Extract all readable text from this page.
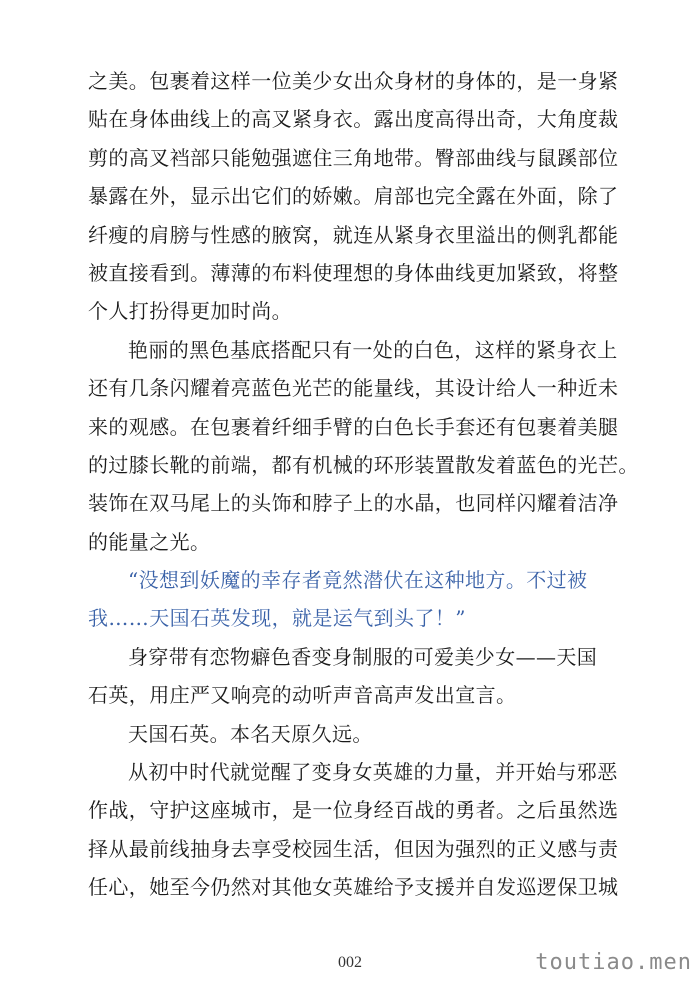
之美。包裹着这样一位美少女出众身材的身体的，是一身紧
贴在身体曲线上的高叉紧身衣。露出度高得出奇，大角度裁
剪的高叉裆部只能勉强遮住三角地带。臀部曲线与鼠蹊部位
暴露在外，显示出它们的娇嫩。肩部也完全露在外面，除了
纤瘦的肩膀与性感的腋窝，就连从紧身衣里溢出的侧乳都能
被直接看到。薄薄的布料使理想的身体曲线更加紧致，将整
个人打扮得更加时尚。
艳丽的黑色基底搭配只有一处的白色，这样的紧身衣上
还有几条闪耀着亮蓝色光芒的能量线，其设计给人一种近未
来的观感。在包裹着纤细手臂的白色长手套还有包裹着美腿
的过膝长靴的前端，都有机械的环形装置散发着蓝色的光芒。
装饰在双马尾上的头饰和脖子上的水晶，也同样闪耀着洁净
的能量之光。
“没想到妖魔的幸存者竟然潜伏在这种地方。不过被
我……天国石英发现，就是运气到头了！”
身穿带有恋物癖色香变身制服的可爱美少女——天国
石英，用庄严又响亮的动听声音高声发出宣言。
天国石英。本名天原久远。
从初中时代就觉醒了变身女英雄的力量，并开始与邪恶
作战，守护这座城市，是一位身经百战的勇者。之后虽然选
择从最前线抽身去享受校园生活，但因为强烈的正义感与责
任心，她至今仍然对其他女英雄给予支援并自发巡逻保卫城
002	toutiao.men
